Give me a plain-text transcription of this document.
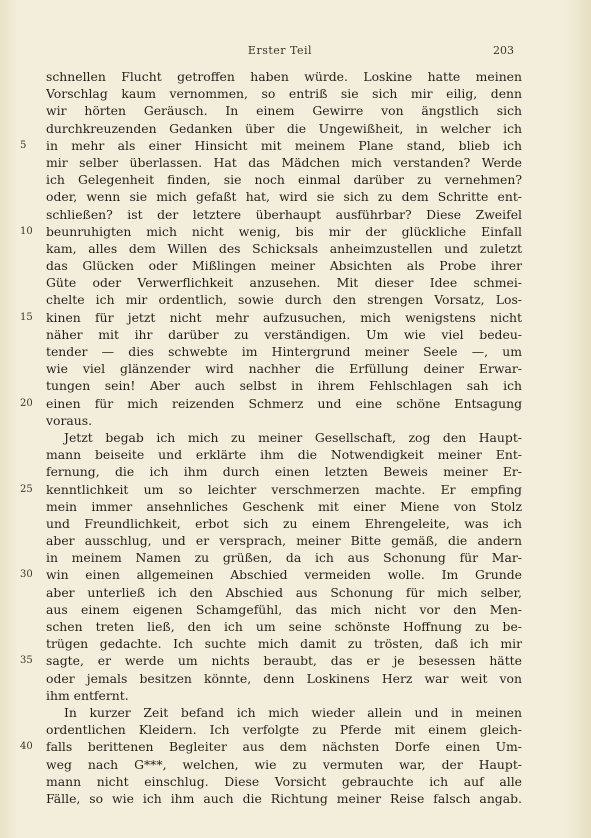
Erster Teil	203
schnellen Flucht getroffen haben würde. Loskine hatte meinen
Vorschlag kaum vernommen, so entriß sie sich mir eilig, denn
wir hörten Geräusch. In einem Gewirre von ängstlich sich
durchkreuzenden Gedanken über die Ungewißheit, in welcher ich
5	in mehr als einer Hinsicht mit meinem Plane stand, blieb ich
mir selber überlassen. Hat das Mädchen mich verstanden? Werde
ich Gelegenheit finden, sie noch einmal darüber zu vernehmen?
oder, wenn sie mich gefaßt hat, wird sie sich zu dem Schritte ent-
schließen? ist der letztere überhaupt ausführbar? Diese Zweifel
10 beunruhigten mich nicht wenig, bis mir der glückliche Einfall
kam, alles dem Willen des Schicksals anheimzustellen und zuletzt
das Glücken oder Mißlingen meiner Absichten als Probe ihrer
Güte oder Verwerflichkeit anzusehen. Mit dieser Idee schmei-
chelte ich mir ordentlich, sowie durch den strengen Vorsatz, Los-
15 kinen für jetzt nicht mehr aufzusuchen, mich wenigstens nicht
näher mit ihr darüber zu verständigen. Um wie viel bedeu-
tender — dies schwebte im Hintergrund meiner Seele —, um
wie viel glänzender wird nachher die Erfüllung deiner Erwar-
tungen sein! Aber auch selbst in ihrem Fehlschlagen sah ich
20 einen für mich reizenden Schmerz und eine schöne Entsagung
voraus.
Jetzt begab ich mich zu meiner Gesellschaft, zog den Haupt-
mann beiseite und erklärte ihm die Notwendigkeit meiner Ent-
fernung, die ich ihm durch einen letzten Beweis meiner Er-
25 kenntlichkeit um so leichter verschmerzen machte. Er empfing
mein immer ansehnliches Geschenk mit einer Miene von Stolz
und Freundlichkeit, erbot sich zu einem Ehrengeleite, was ich
aber ausschlug, und er versprach, meiner Bitte gemäß, die andern
in meinem Namen zu grüßen, da ich aus Schonung für Mar-
30 win einen allgemeinen Abschied vermeiden wolle. Im Grunde
aber unterließ ich den Abschied aus Schonung für mich selber,
aus einem eigenen Schamgefühl, das mich nicht vor den Men-
schen treten ließ, den ich um seine schönste Hoffnung zu be-
trügen gedachte. Ich suchte mich damit zu trösten, daß ich mir
35 sagte, er werde um nichts beraubt, das er je besessen hätte
oder jemals besitzen könnte, denn Loskinens Herz war weit von
ihm entfernt.
In kurzer Zeit befand ich mich wieder allein und in meinen
ordentlichen Kleidern. Ich verfolgte zu Pferde mit einem gleich-
40 falls berittenen Begleiter aus dem nächsten Dorfe einen Um-
weg nach G***, welchen, wie zu vermuten war, der Haupt-
mann nicht einschlug. Diese Vorsicht gebrauchte ich auf alle
Fälle, so wie ich ihm auch die Richtung meiner Reise falsch angab.
